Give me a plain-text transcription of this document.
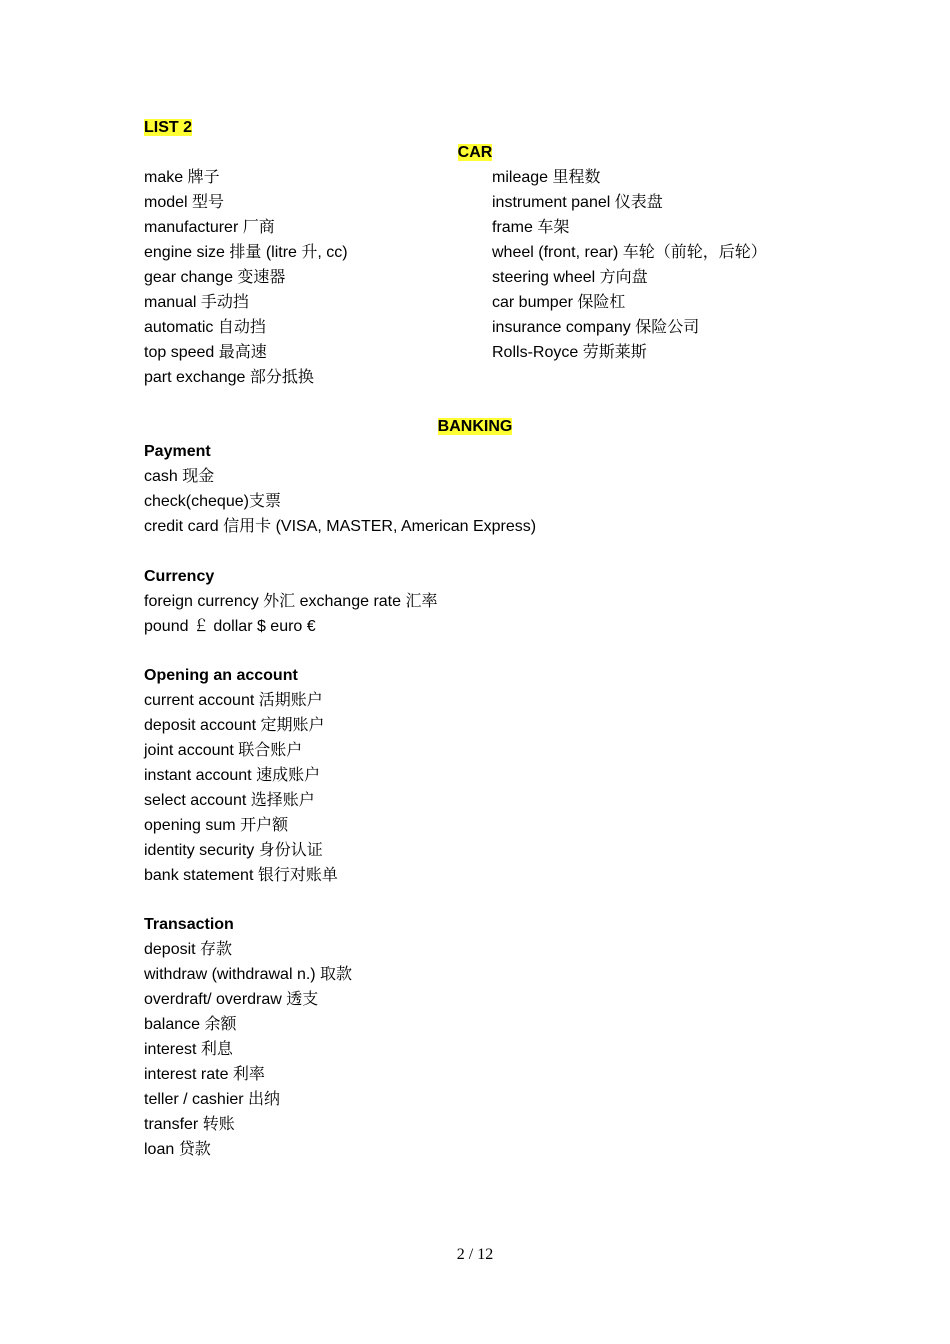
LIST 2
CAR
make 牌子
model 型号
manufacturer 厂商
engine size 排量 (litre 升, cc)
gear change 变速器
manual 手动挡
automatic 自动挡
top speed 最高速
part exchange 部分抵换
mileage 里程数
instrument panel 仪表盘
frame 车架
wheel (front, rear) 车轮（前轮，后轮）
steering wheel 方向盘
car bumper 保险杠
insurance company 保险公司
Rolls-Royce 劳斯莱斯
BANKING
Payment
cash 现金
check(cheque)支票
credit card 信用卡 (VISA, MASTER, American Express)
Currency
foreign currency 外汇 exchange rate 汇率
pound ￡ dollar $ euro €
Opening an account
current account 活期账户
deposit account 定期账户
joint account 联合账户
instant account 速成账户
select account 选择账户
opening sum 开户额
identity security 身份认证
bank statement 银行对账单
Transaction
deposit 存款
withdraw (withdrawal n.) 取款
overdraft/ overdraw 透支
balance 余额
interest 利息
interest rate 利率
teller / cashier 出纳
transfer 转账
loan 贷款
2 / 12
